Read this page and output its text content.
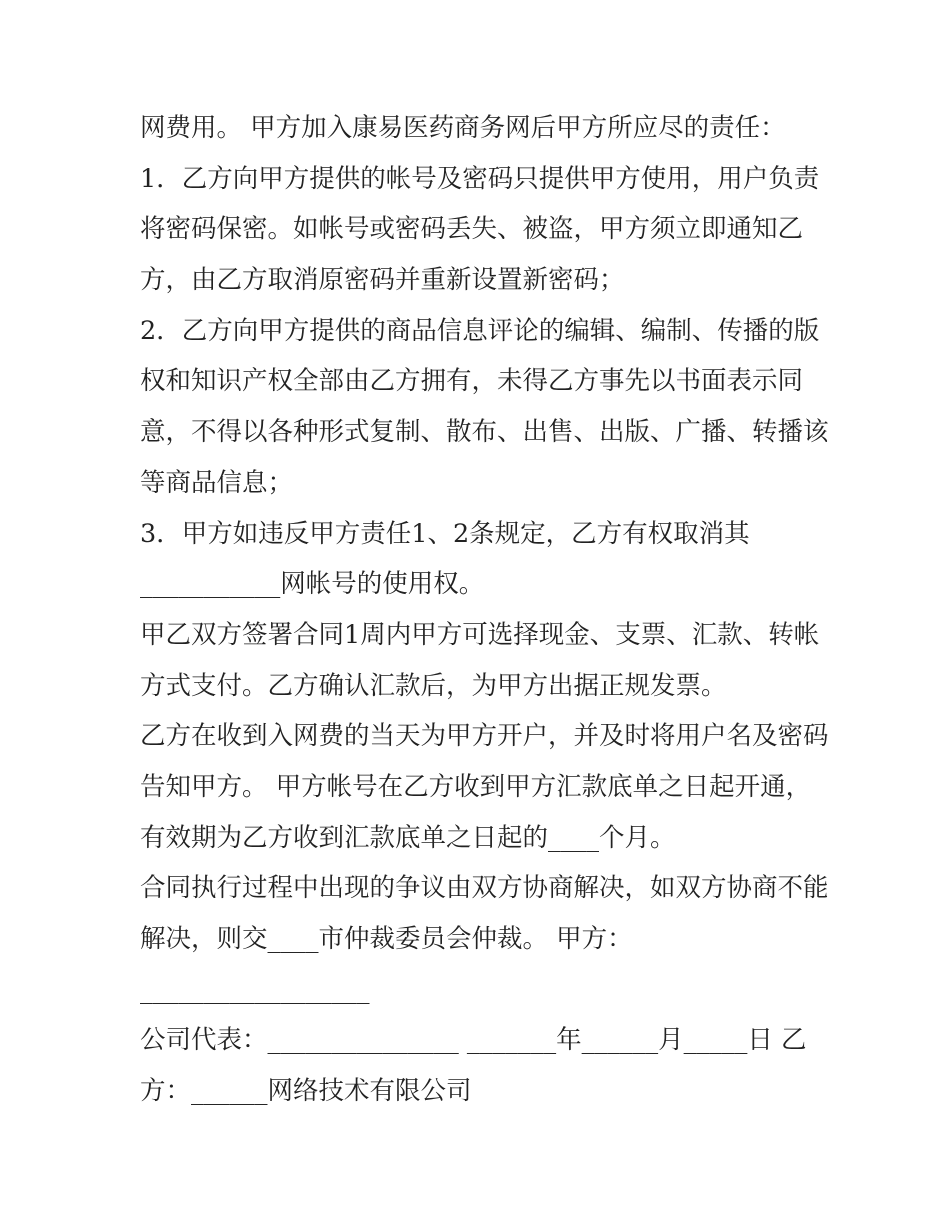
网费用。 甲方加入康易医药商务网后甲方所应尽的责任：
1．乙方向甲方提供的帐号及密码只提供甲方使用，用户负责
将密码保密。如帐号或密码丢失、被盗，甲方须立即通知乙
方，由乙方取消原密码并重新设置新密码；
2．乙方向甲方提供的商品信息评论的编辑、编制、传播的版
权和知识产权全部由乙方拥有，未得乙方事先以书面表示同
意，不得以各种形式复制、散布、出售、出版、广播、转播该
等商品信息；
3．甲方如违反甲方责任1、2条规定，乙方有权取消其
___________网帐号的使用权。
甲乙双方签署合同1周内甲方可选择现金、支票、汇款、转帐
方式支付。乙方确认汇款后，为甲方出据正规发票。
乙方在收到入网费的当天为甲方开户，并及时将用户名及密码
告知甲方。 甲方帐号在乙方收到甲方汇款底单之日起开通，
有效期为乙方收到汇款底单之日起的____个月。
合同执行过程中出现的争议由双方协商解决，如双方协商不能
解决，则交____市仲裁委员会仲裁。 甲方：
__________________
公司代表：_______________ _______年______月_____日 乙
方：______网络技术有限公司
